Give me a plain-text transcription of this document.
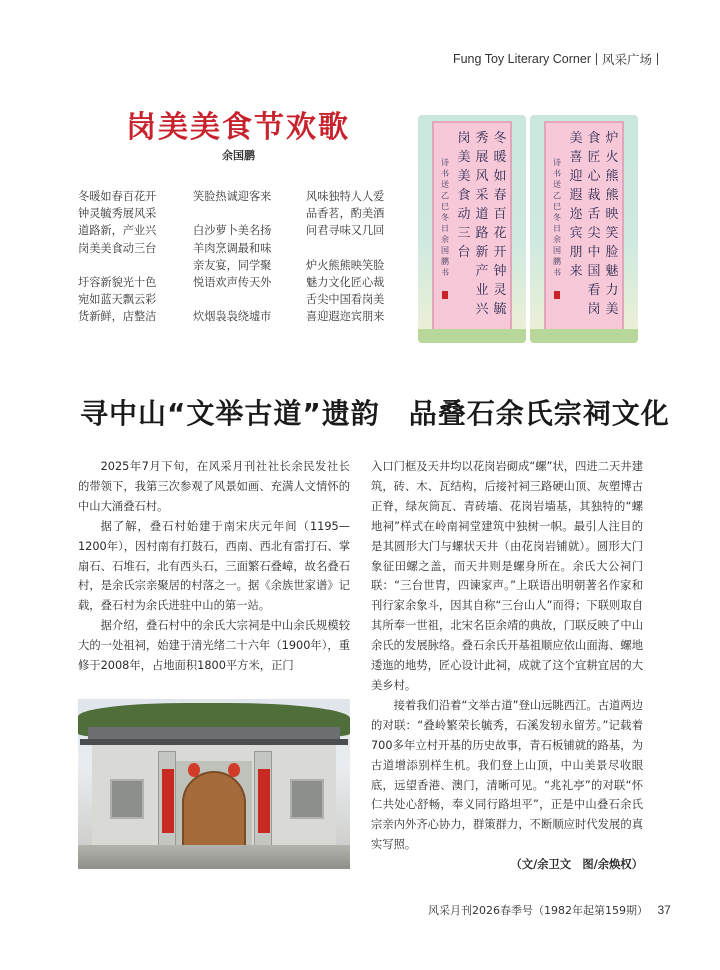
Fung Toy Literary Corner 风采广场
岗美美食节欢歌
余国鹏
冬暖如春百花开
钟灵毓秀展风采
道路新，产业兴
岗美美食动三台
圩容新貌光十色
宛如蓝天飘云彩
货新鲜，店整洁
笑脸热诚迎客来
白沙萝卜美名扬
羊肉烹调最和味
亲友宴，同学聚
悦语欢声传天外
炊烟袅袅绕墟市
风味独特人人爱
品香茗，酌美酒
问君寻味又几回
炉火熊熊映笑脸
魅力文化匠心裁
舌尖中国看岗美
喜迎遐迩宾朋来
冬暖如春百花开钟灵毓
秀展风采道路新产业兴
岗美美食动三台
诗书送乙巳冬日余国鹏书
炉火熊熊映笑脸魅力美
食匠心裁舌尖中国看岗
美喜迎遐迩宾朋来
诗书送乙巳冬日余国鹏书
寻中山“文举古道”遗韵　品叠石余氏宗祠文化

2025年7月下旬，在风采月刊社社长余民发社长的带领下，我第三次参观了风景如画、充满人文情怀的中山大涌叠石村。

据了解，叠石村始建于南宋庆元年间（1195—1200年），因村南有打鼓石，西南、西北有雷打石、掌扇石、石堆石，北有西头石，三面繁石叠嶂，故名叠石村，是余氏宗亲聚居的村落之一。据《余族世家谱》记载，叠石村为余氏进驻中山的第一站。

据介绍，叠石村中的余氏大宗祠是中山余氏规模较大的一处祖祠，始建于清光绪二十六年（1900年），重修于2008年，占地面积1800平方米，正门

入口门框及天井均以花岗岩砌成“螺”状，四进二天井建筑，砖、木、瓦结构，后接衬祠三路硬山顶、灰塑博古正脊，绿灰筒瓦、青砖墙、花岗岩墙基，其独特的“螺地祠”样式在岭南祠堂建筑中独树一帜。最引人注目的是其圆形大门与螺状天井（由花岗岩铺就）。圆形大门象征田螺之盖，而天井则是螺身所在。余氏大公祠门联：“三台世胄，四谏家声。”上联语出明朝著名作家和刊行家余象斗，因其自称“三台山人”而得；下联则取自其所奉一世祖，北宋名臣余靖的典故，门联反映了中山余氏的发展脉络。叠石余氏开基祖顺应依山面海、螺地逶迤的地势，匠心设计此祠，成就了这个宜耕宜居的大美乡村。

接着我们沿着“文举古道”登山远眺西江。古道两边的对联：“叠岭繁荣长毓秀，石溪发轫永留芳。”记载着700多年立村开基的历史故事，青石板铺就的路基，为古道增添别样生机。我们登上山顶，中山美景尽收眼底，远望香港、澳门，清晰可见。“兆礼亭”的对联“怀仁共处心舒畅，奉义同行路坦平”，正是中山叠石余氏宗亲内外齐心协力，群策群力，不断顺应时代发展的真实写照。

（文/余卫文　图/余焕权）

风采月刊2026春季号（1982年起第159期） 37
